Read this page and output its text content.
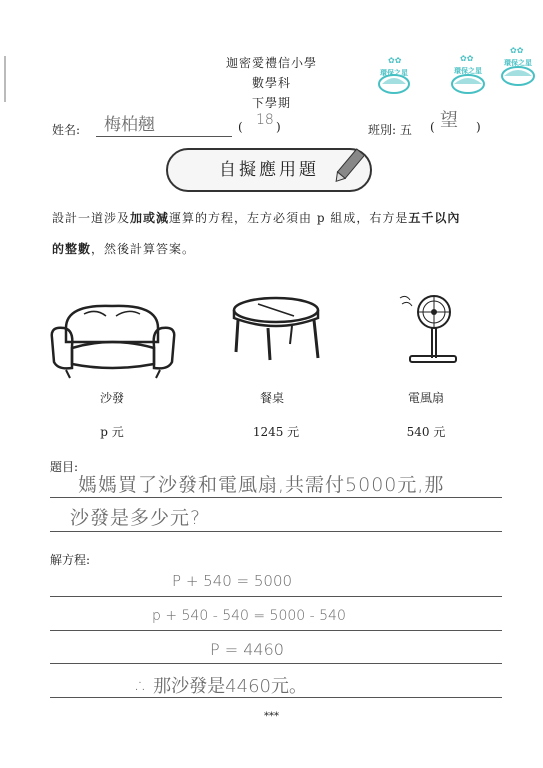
迦密愛禮信小學
數學科
下學期
✿✿
環保之星
✿✿
環保之星
✿✿
環保之星
姓名: 梅柏翹	( 18 )	班別: 五 ( 望 )
自擬應用題
設計一道涉及加或減運算的方程，左方必須由 p 組成，右方是五千以內
的整數，然後計算答案。
沙發	餐桌	電風扇
p 元	1245 元	540 元
題目:
媽媽買了沙發和電風扇,共需付5000元,那
沙發是多少元?
解方程:
P + 540 = 5000
p + 540 - 540 = 5000 - 540
P = 4460
∴ 那沙發是4460元。
***
